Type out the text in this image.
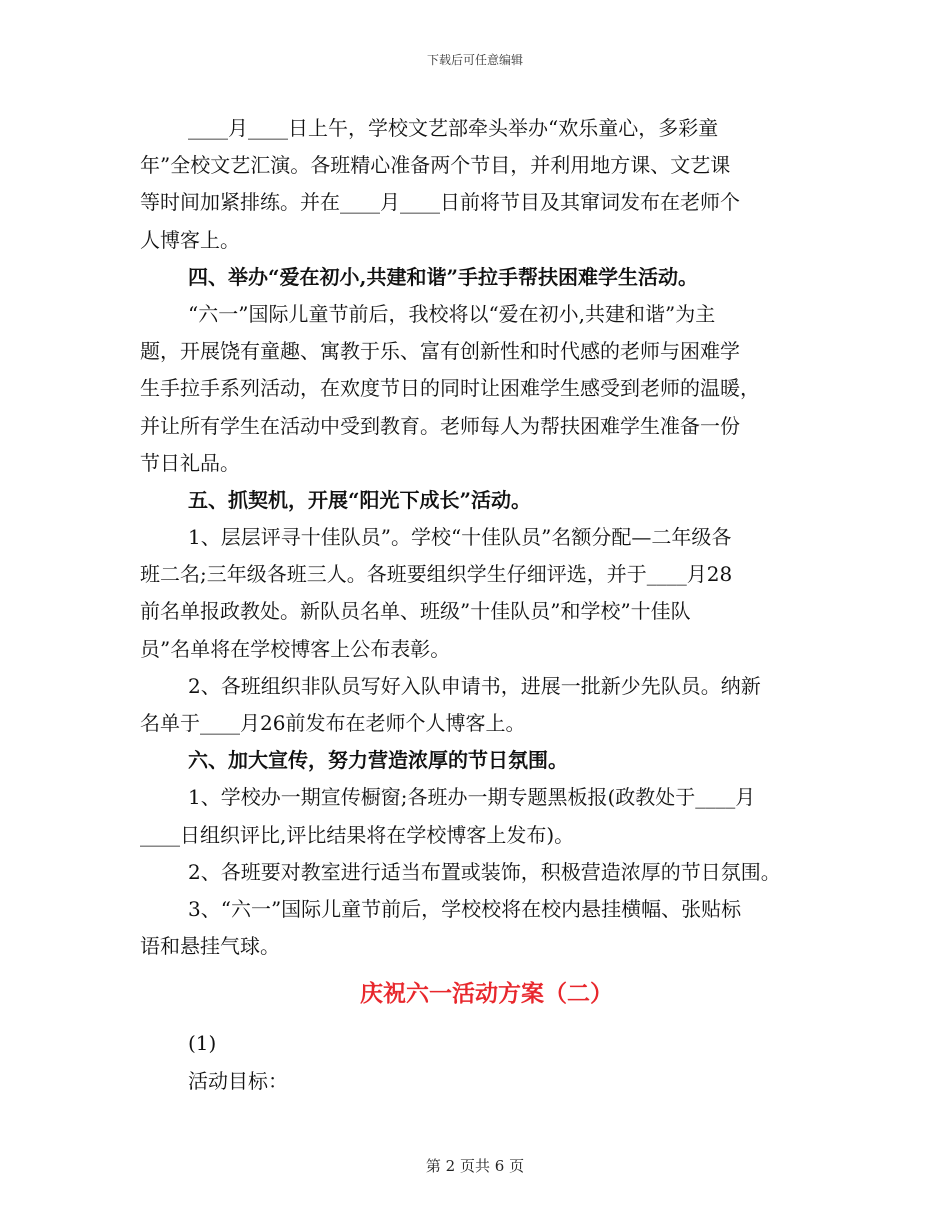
下载后可任意编辑
____月____日上午，学校文艺部牵头举办“欢乐童心，多彩童
年”全校文艺汇演。各班精心准备两个节目，并利用地方课、文艺课
等时间加紧排练。并在____月____日前将节目及其窜词发布在老师个
人博客上。
四、举办“爱在初小,共建和谐”手拉手帮扶困难学生活动。
“六一”国际儿童节前后，我校将以“爱在初小,共建和谐”为主
题，开展饶有童趣、寓教于乐、富有创新性和时代感的老师与困难学
生手拉手系列活动，在欢度节日的同时让困难学生感受到老师的温暖，
并让所有学生在活动中受到教育。老师每人为帮扶困难学生准备一份
节日礼品。
五、抓契机，开展“阳光下成长”活动。
1、层层评寻十佳队员”。学校“十佳队员”名额分配—二年级各
班二名;三年级各班三人。各班要组织学生仔细评选，并于____月28
前名单报政教处。新队员名单、班级”十佳队员”和学校”十佳队
员”名单将在学校博客上公布表彰。
2、各班组织非队员写好入队申请书，进展一批新少先队员。纳新
名单于____月26前发布在老师个人博客上。
六、加大宣传，努力营造浓厚的节日氛围。
1、学校办一期宣传橱窗;各班办一期专题黑板报(政教处于____月
____日组织评比,评比结果将在学校博客上发布)。
2、各班要对教室进行适当布置或装饰，积极营造浓厚的节日氛围。
3、“六一”国际儿童节前后，学校校将在校内悬挂横幅、张贴标
语和悬挂气球。
庆祝六一活动方案（二）
(1)
活动目标：
第 2 页共 6 页
